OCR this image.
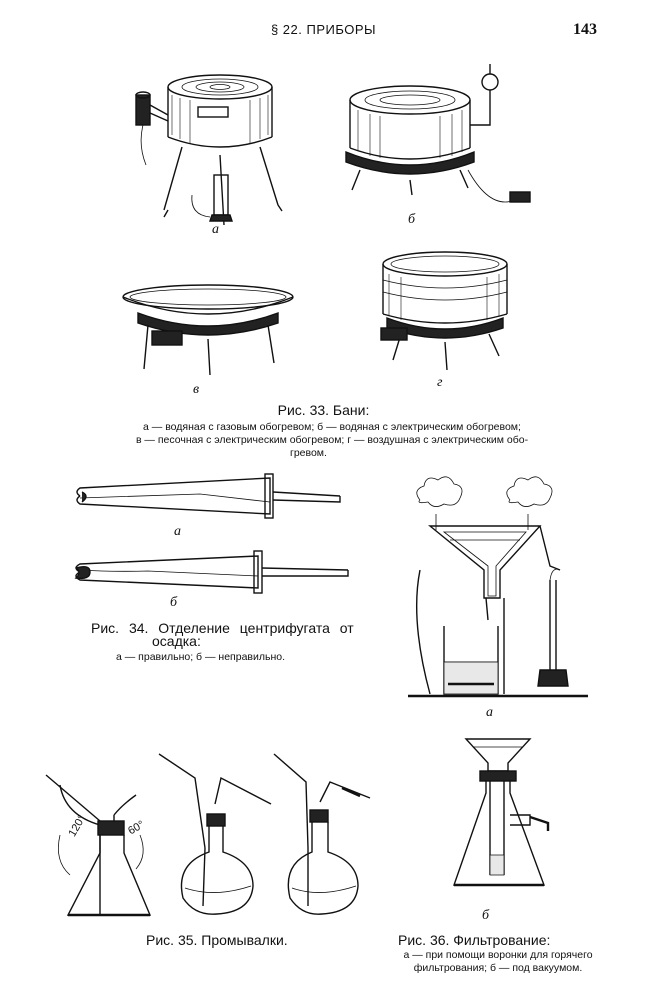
§ 22. ПРИБОРЫ	143
а
б
в	г
Рис. 33. Бани:
а — водяная с газовым обогревом; б — водяная с электрическим обогревом;
в — песочная с электрическим обогревом; г — воздушная с электрическим обо-
гревом.
а
б
Рис. 34. Отделение центрифугата от
осадка:
а — правильно; б — неправильно.
а
120°	60°
Рис. 35. Промывалки.
б
Рис. 36. Фильтрование:
а — при помощи воронки для горячего
фильтрования; б — под вакуумом.
